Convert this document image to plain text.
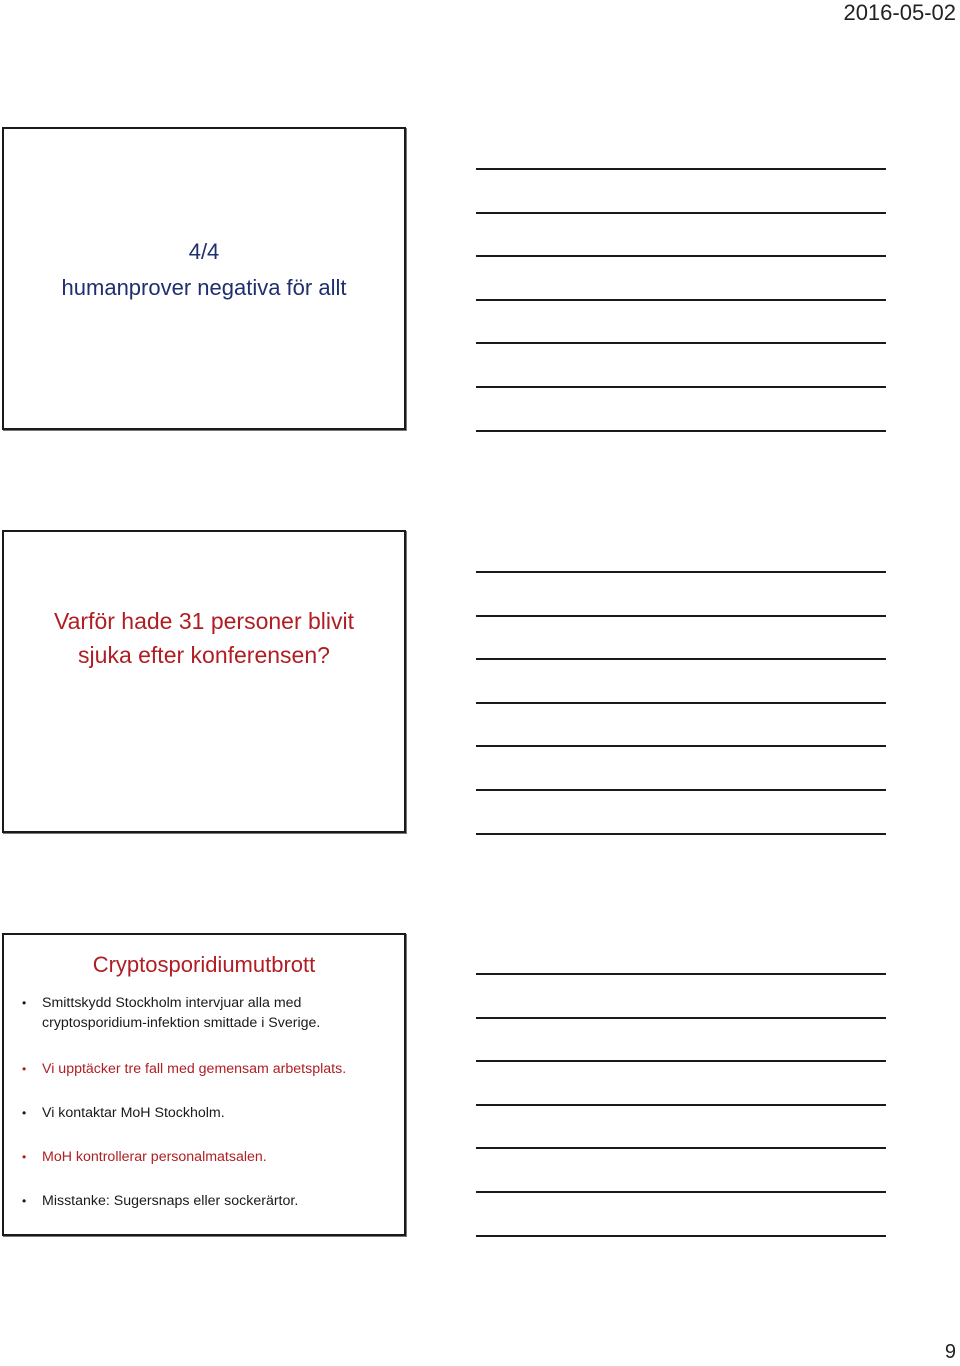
2016-05-02
4/4
humanprover negativa för allt
Varför hade 31 personer blivit
sjuka efter konferensen?
Cryptosporidiumutbrott
• Smittskydd Stockholm intervjuar alla med cryptosporidium-infektion smittade i Sverige.
• Vi upptäcker tre fall med gemensam arbetsplats.
• Vi kontaktar MoH Stockholm.
• MoH kontrollerar personalmatsalen.
• Misstanke: Sugersnaps eller sockerärtor.
9
